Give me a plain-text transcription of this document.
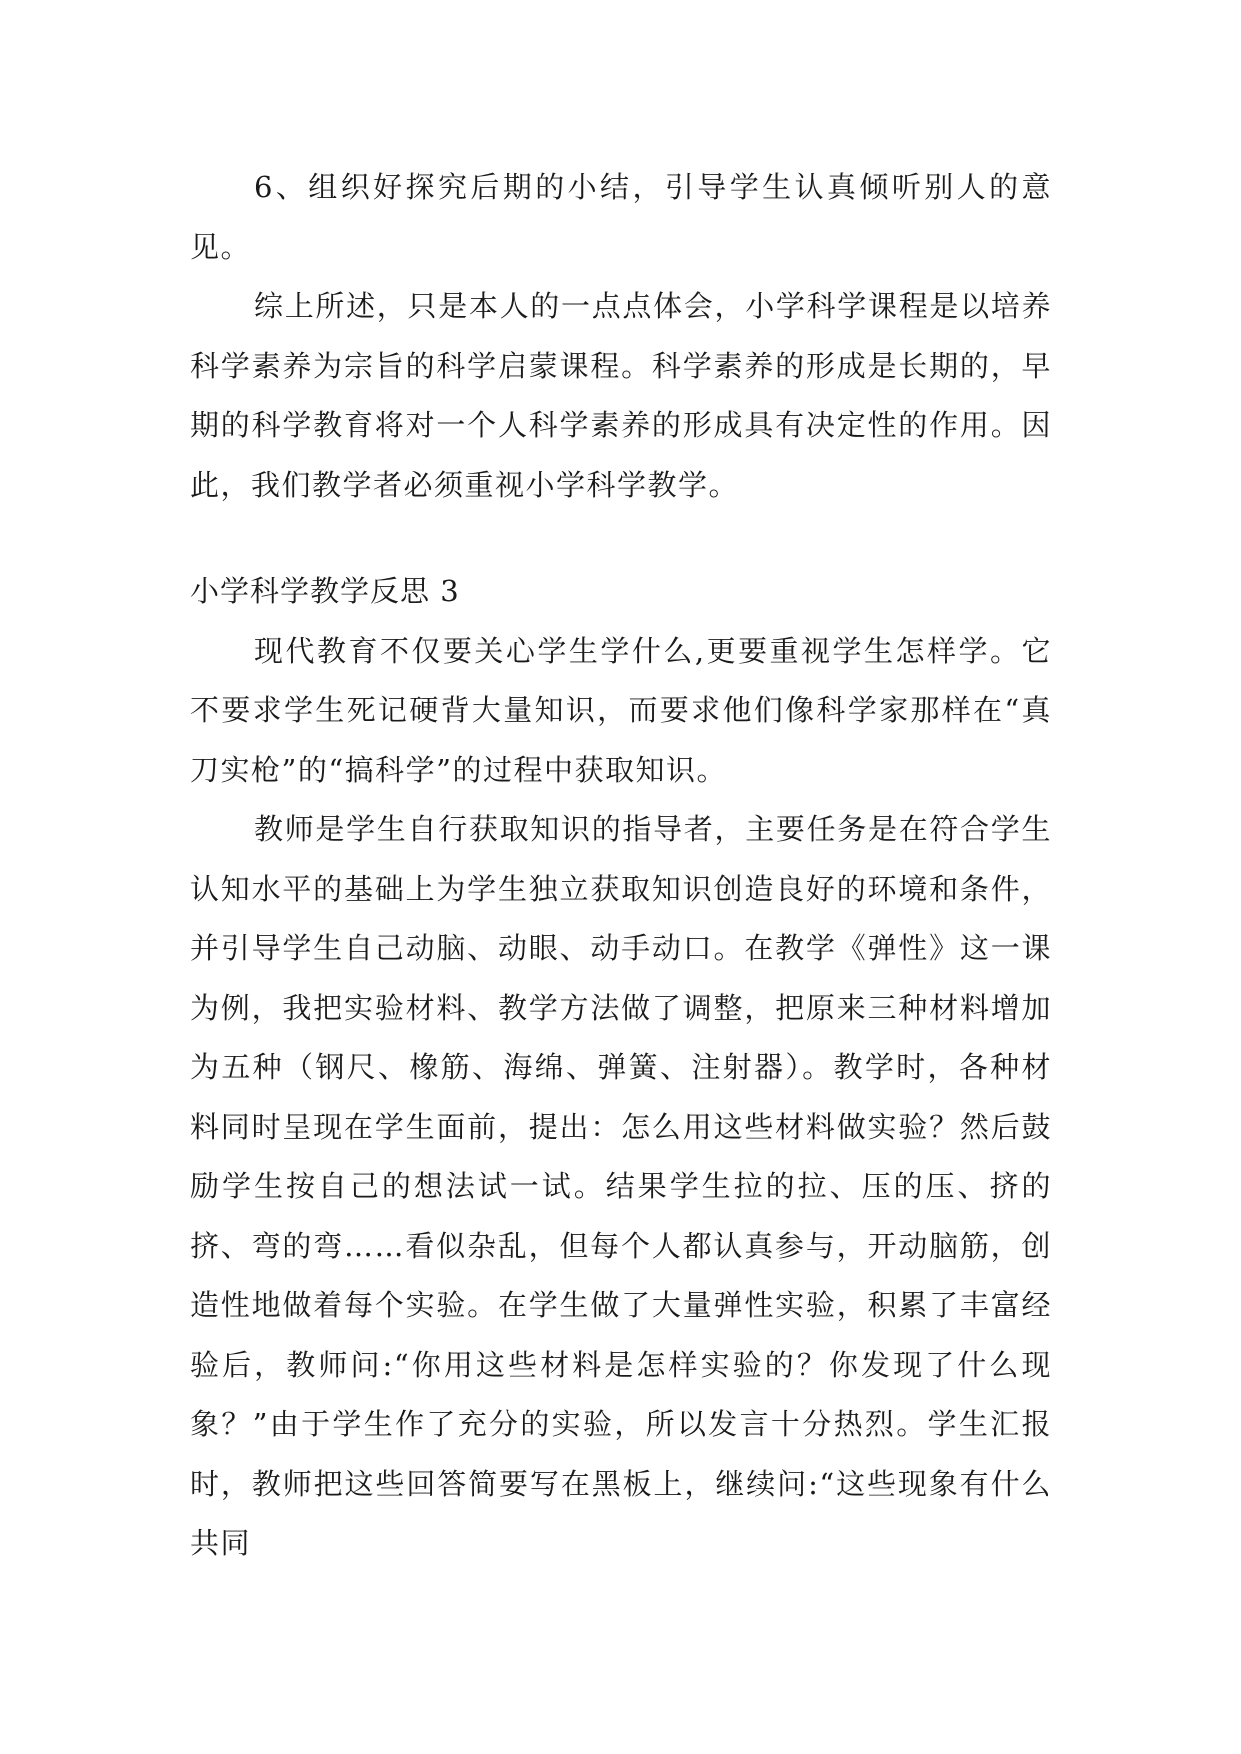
6、组织好探究后期的小结，引导学生认真倾听别人的意见。

综上所述，只是本人的一点点体会，小学科学课程是以培养科学素养为宗旨的科学启蒙课程。科学素养的形成是长期的，早期的科学教育将对一个人科学素养的形成具有决定性的作用。因此，我们教学者必须重视小学科学教学。

小学科学教学反思 3

现代教育不仅要关心学生学什么,更要重视学生怎样学。它不要求学生死记硬背大量知识，而要求他们像科学家那样在“真刀实枪”的“搞科学”的过程中获取知识。

教师是学生自行获取知识的指导者，主要任务是在符合学生认知水平的基础上为学生独立获取知识创造良好的环境和条件，并引导学生自己动脑、动眼、动手动口。在教学《弹性》这一课为例，我把实验材料、教学方法做了调整，把原来三种材料增加为五种（钢尺、橡筋、海绵、弹簧、注射器）。教学时，各种材料同时呈现在学生面前，提出：怎么用这些材料做实验？然后鼓励学生按自己的想法试一试。结果学生拉的拉、压的压、挤的挤、弯的弯……看似杂乱，但每个人都认真参与，开动脑筋，创造性地做着每个实验。在学生做了大量弹性实验，积累了丰富经验后，教师问:“你用这些材料是怎样实验的？你发现了什么现象？”由于学生作了充分的实验，所以发言十分热烈。学生汇报时，教师把这些回答简要写在黑板上，继续问:“这些现象有什么共同
